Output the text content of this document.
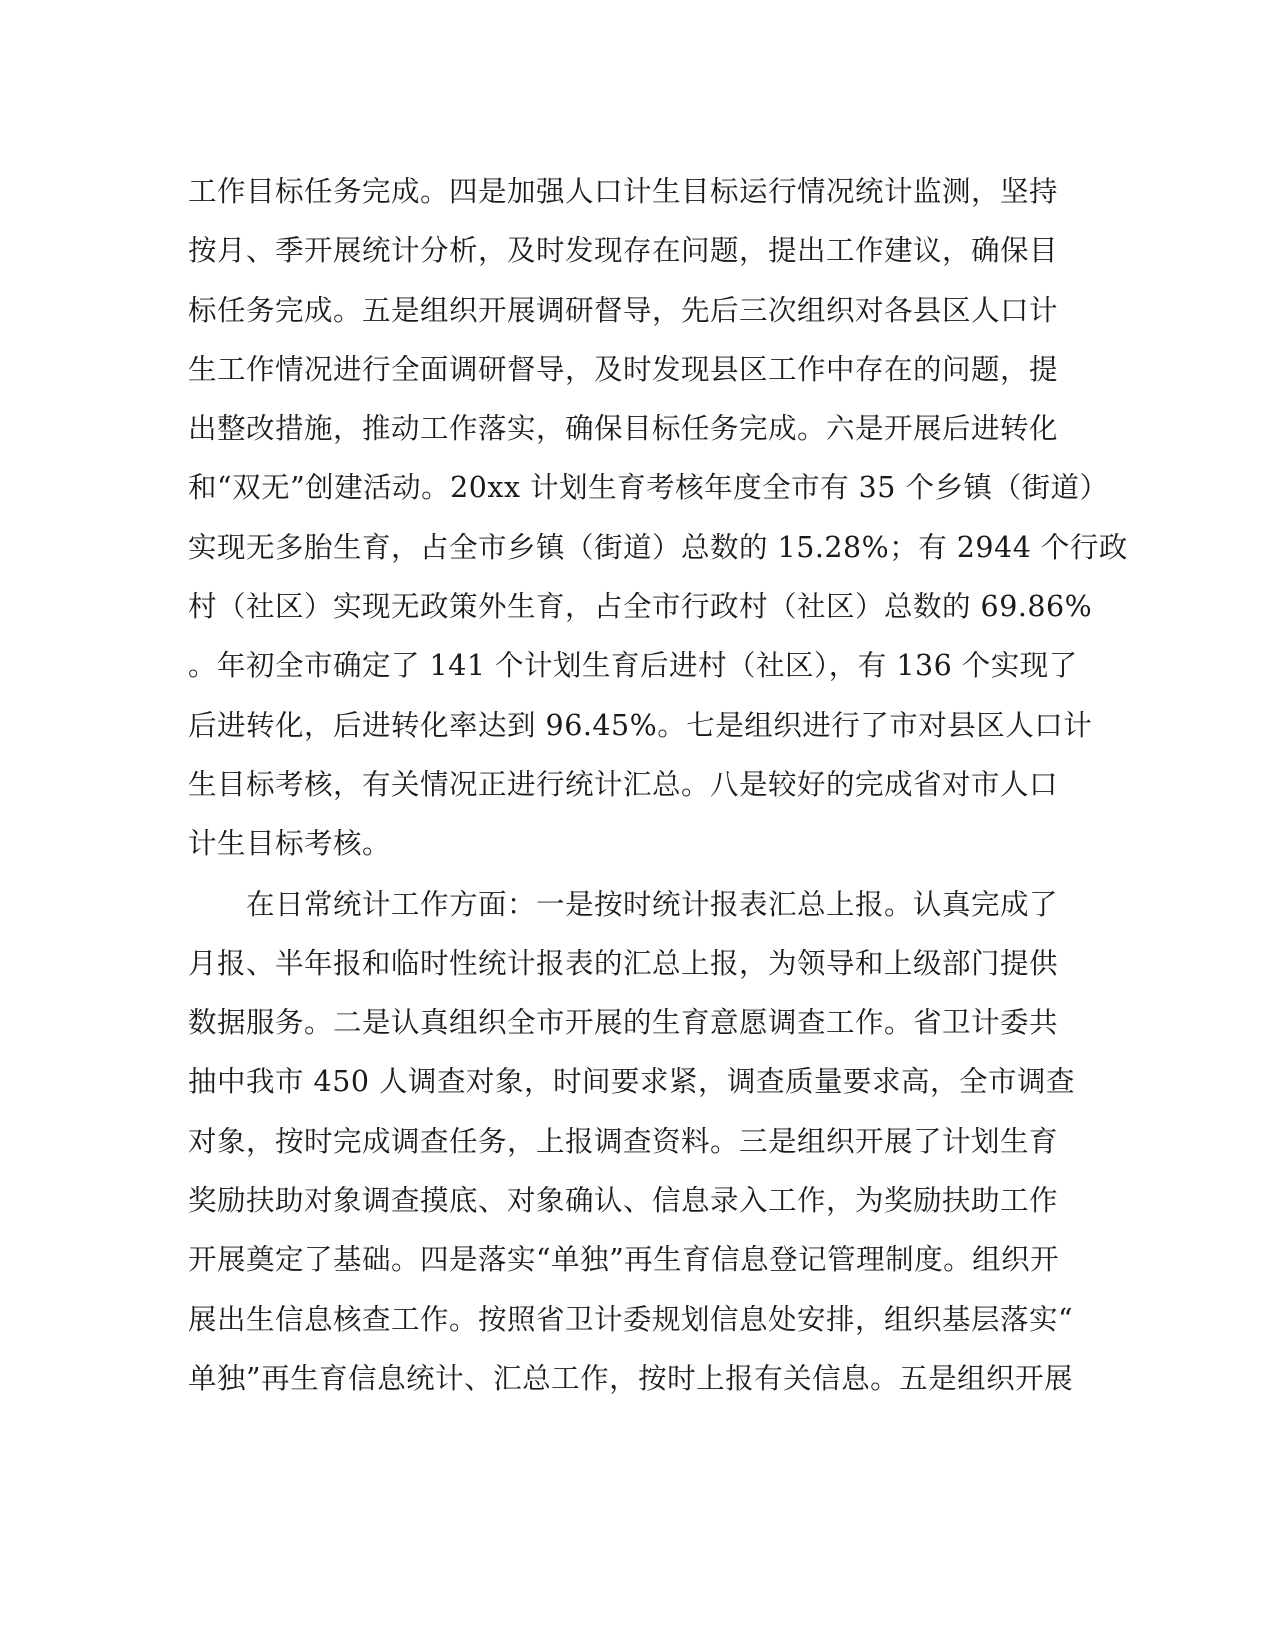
工作目标任务完成。四是加强人口计生目标运行情况统计监测，坚持
按月、季开展统计分析，及时发现存在问题，提出工作建议，确保目
标任务完成。五是组织开展调研督导，先后三次组织对各县区人口计
生工作情况进行全面调研督导，及时发现县区工作中存在的问题，提
出整改措施，推动工作落实，确保目标任务完成。六是开展后进转化
和“双无”创建活动。20xx 计划生育考核年度全市有 35 个乡镇（街道）
实现无多胎生育，占全市乡镇（街道）总数的 15.28%；有 2944 个行政
村（社区）实现无政策外生育，占全市行政村（社区）总数的 69.86%
。年初全市确定了 141 个计划生育后进村（社区），有 136 个实现了
后进转化，后进转化率达到 96.45%。七是组织进行了市对县区人口计
生目标考核，有关情况正进行统计汇总。八是较好的完成省对市人口
计生目标考核。
　　在日常统计工作方面：一是按时统计报表汇总上报。认真完成了
月报、半年报和临时性统计报表的汇总上报，为领导和上级部门提供
数据服务。二是认真组织全市开展的生育意愿调查工作。省卫计委共
抽中我市 450 人调查对象，时间要求紧，调查质量要求高，全市调查
对象，按时完成调查任务，上报调查资料。三是组织开展了计划生育
奖励扶助对象调查摸底、对象确认、信息录入工作，为奖励扶助工作
开展奠定了基础。四是落实“单独”再生育信息登记管理制度。组织开
展出生信息核查工作。按照省卫计委规划信息处安排，组织基层落实“
单独”再生育信息统计、汇总工作，按时上报有关信息。五是组织开展
